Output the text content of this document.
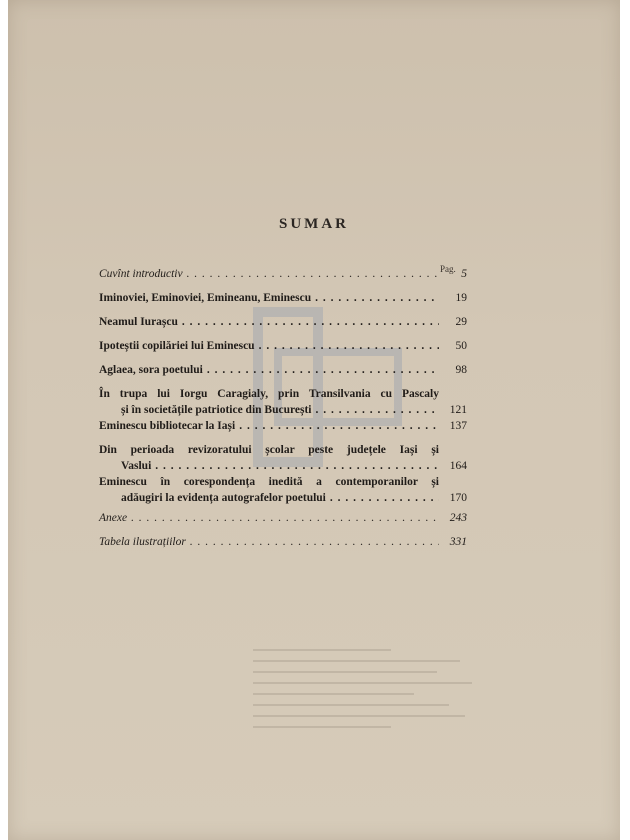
SUMAR
Pag.
Cuvînt introductiv . . .	5
Iminoviei, Eminoviei, Emineanu, Eminescu . . .	19
Neamul Iurașcu . . .	29
Ipoteștii copilăriei lui Eminescu . . .	50
Aglaea, sora poetului . . .	98
În trupa lui Iorgu Caragialy, prin Transilvania cu Pascaly
și în societățile patriotice din București . . .	121
Eminescu bibliotecar la Iași . . .	137
Din perioada revizoratului școlar peste județele Iași și
Vaslui . . .	164
Eminescu în corespondența inedită a contemporanilor și
adăugiri la evidența autografelor poetului . . .	170
Anexe . . .	243
Tabela ilustrațiilor . . .	331
